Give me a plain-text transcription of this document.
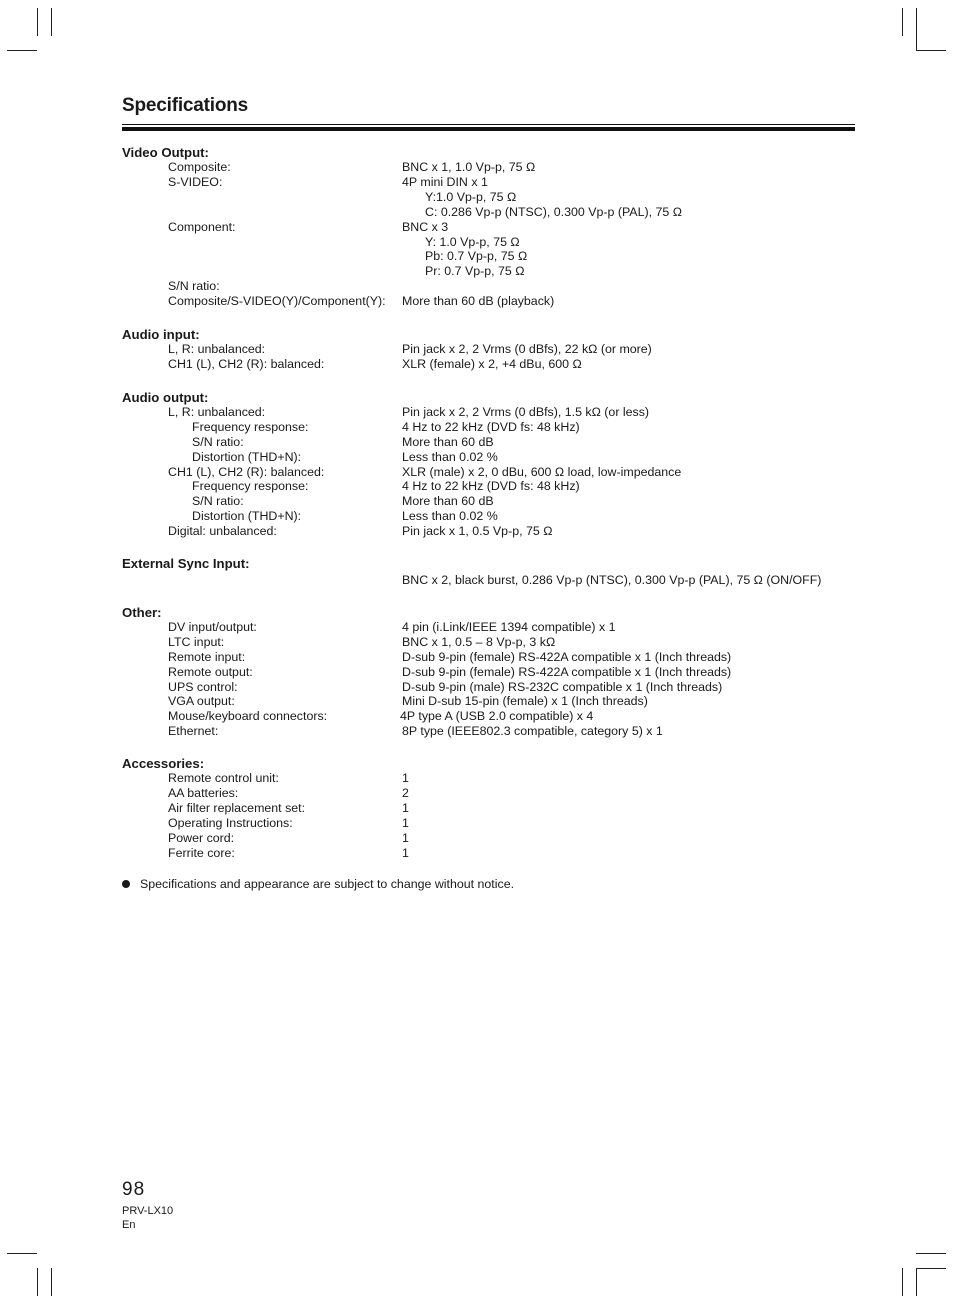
Specifications
Video Output:
Composite:	BNC x 1, 1.0 Vp-p, 75 Ω
S-VIDEO:	4P mini DIN x 1
Y:1.0 Vp-p, 75 Ω
C: 0.286 Vp-p (NTSC), 0.300 Vp-p (PAL), 75 Ω
Component:	BNC x 3
Y: 1.0 Vp-p, 75 Ω
Pb: 0.7 Vp-p, 75 Ω
Pr: 0.7 Vp-p, 75 Ω
S/N ratio:
Composite/S-VIDEO(Y)/Component(Y):	More than 60 dB (playback)
Audio input:
L, R: unbalanced:	Pin jack x 2, 2 Vrms (0 dBfs), 22 kΩ (or more)
CH1 (L), CH2 (R): balanced:	XLR (female) x 2, +4 dBu, 600 Ω
Audio output:
L, R: unbalanced:	Pin jack x 2, 2 Vrms (0 dBfs), 1.5 kΩ (or less)
Frequency response:	4 Hz to 22 kHz (DVD fs: 48 kHz)
S/N ratio:	More than 60 dB
Distortion (THD+N):	Less than 0.02 %
CH1 (L), CH2 (R): balanced:	XLR (male) x 2, 0 dBu, 600 Ω load, low-impedance
Frequency response:	4 Hz to 22 kHz (DVD fs: 48 kHz)
S/N ratio:	More than 60 dB
Distortion (THD+N):	Less than 0.02 %
Digital: unbalanced:	Pin jack x 1, 0.5 Vp-p, 75 Ω
External Sync Input:
BNC x 2, black burst, 0.286 Vp-p (NTSC), 0.300 Vp-p (PAL), 75 Ω (ON/OFF)
Other:
DV input/output:	4 pin (i.Link/IEEE 1394 compatible) x 1
LTC input:	BNC x 1, 0.5 – 8 Vp-p, 3 kΩ
Remote input:	D-sub 9-pin (female) RS-422A compatible x 1 (Inch threads)
Remote output:	D-sub 9-pin (female) RS-422A compatible x 1 (Inch threads)
UPS control:	D-sub 9-pin (male) RS-232C compatible x 1 (Inch threads)
VGA output:	Mini D-sub 15-pin (female) x 1 (Inch threads)
Mouse/keyboard connectors:	4P type A (USB 2.0 compatible) x 4
Ethernet:	8P type (IEEE802.3 compatible, category 5) x 1
Accessories:
Remote control unit:	1
AA batteries:	2
Air filter replacement set:	1
Operating Instructions:	1
Power cord:	1
Ferrite core:	1
Specifications and appearance are subject to change without notice.
98
PRV-LX10
En
